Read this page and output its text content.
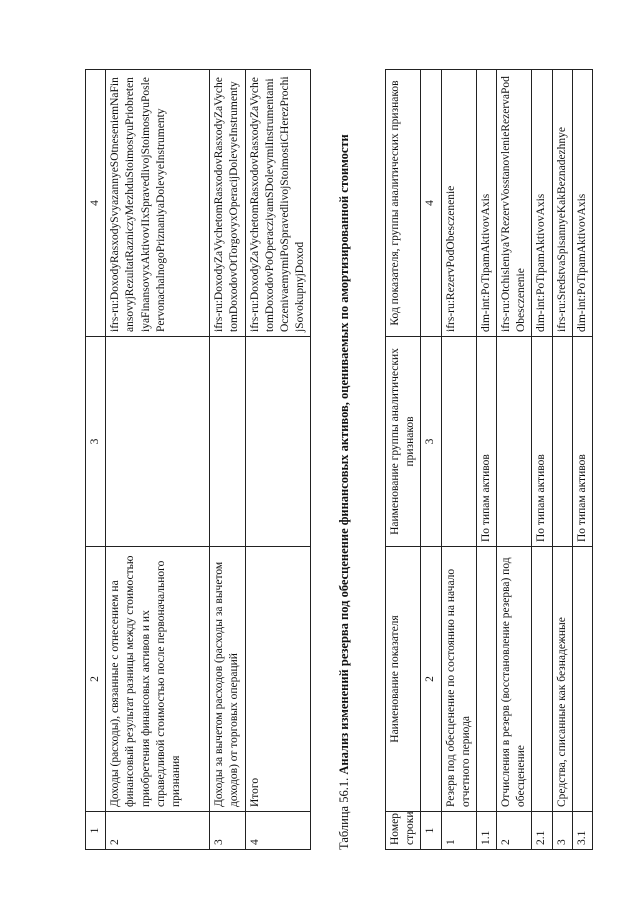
1	2	3	4
2	Доходы (расходы), связанные с отнесением на финансовый результат разницы между стоимостью приобретения финансовых активов и их справедливой стоимостью после первоначального признания		ifrs-ru:DoxodyRasxodySvyazannyeSOtneseniemNaFinansovyjRezultatRazniczyMezhduStoimostyuPriobreteniyaFinansovyxAktivovIIxSpravedlivojStoimostyuPoslePervonachalnogoPriznaniyaDolevyeInstrumenty
3	Доходы за вычетом расходов (расходы за вычетом доходов) от торговых операций		ifrs-ru:DoxodyZaVychetomRasxodovRasxodyZaVychetomDoxodovOtTorgovyxOperacijDolevyeInstrumenty
4	Итого		ifrs-ru:DoxodyZaVychetomRasxodovRasxodyZaVychetomDoxodovPoOperacziyamSDolevymiInstrumentamiOczenivaemymiPoSpravedlivojStoimostiCHerezProchijSovokupnyjDoxod
Таблица 56.1. Анализ изменений резерва под обесценение финансовых активов, оцениваемых по амортизированной стоимости
Номер строки	Наименование показателя	Наименование группы аналитических признаков	Код показателя, группы аналитических признаков
1	2	3	4
1	Резерв под обесценение по состоянию на начало отчетного периода		ifrs-ru:RezervPodObesczenenie
1.1		По типам активов	dim-int:PoTipamAktivovAxis
2	Отчисления в резерв (восстановление резерва) под обесценение		ifrs-ru:OtchisleniyaVRezervVosstanovlenieRezervaPodObesczenenie
2.1		По типам активов	dim-int:PoTipamAktivovAxis
3	Средства, списанные как безнадежные		ifrs-ru:SredstvaSpisannyeKakBeznadezhnye
3.1		По типам активов	dim-int:PoTipamAktivovAxis
